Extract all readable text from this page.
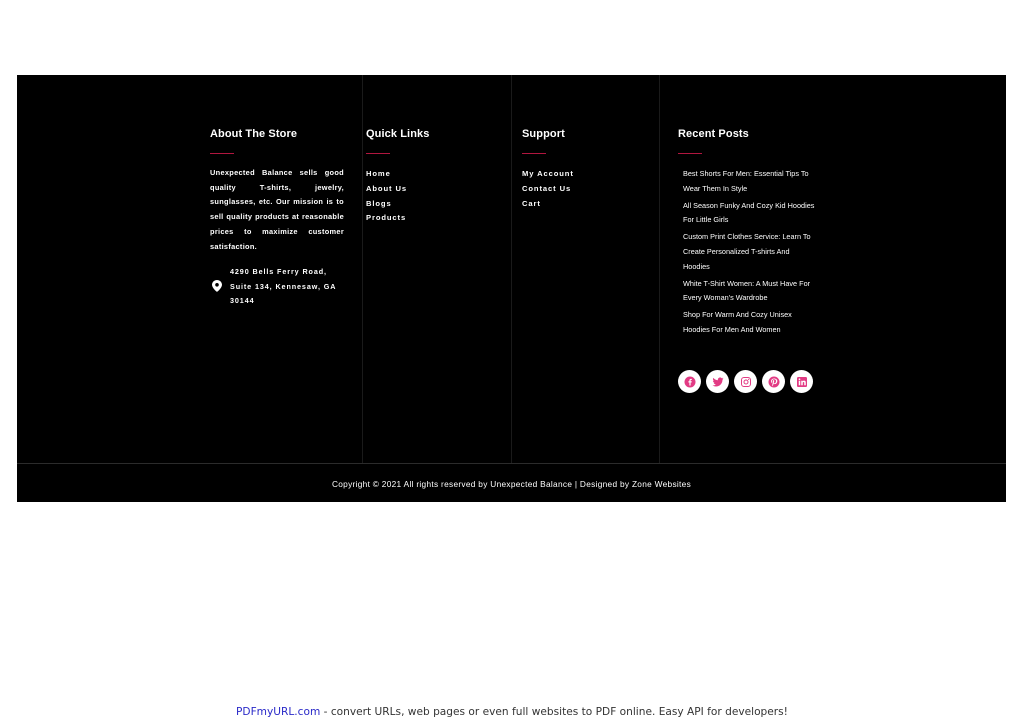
About The Store
Unexpected Balance sells good quality T-shirts, jewelry, sunglasses, etc. Our mission is to sell quality products at reasonable prices to maximize customer satisfaction.
4290 Bells Ferry Road,
Suite 134, Kennesaw, GA
30144
Quick Links
Home
About Us
Blogs
Products
Support
My Account
Contact Us
Cart
Recent Posts
Best Shorts For Men: Essential Tips To Wear Them In Style
All Season Funky And Cozy Kid Hoodies For Little Girls
Custom Print Clothes Service: Learn To Create Personalized T-shirts And Hoodies
White T-Shirt Women: A Must Have For Every Woman's Wardrobe
Shop For Warm And Cozy Unisex Hoodies For Men And Women
Copyright © 2021 All rights reserved by Unexpected Balance | Designed by Zone Websites
PDFmyURL.com - convert URLs, web pages or even full websites to PDF online. Easy API for developers!
